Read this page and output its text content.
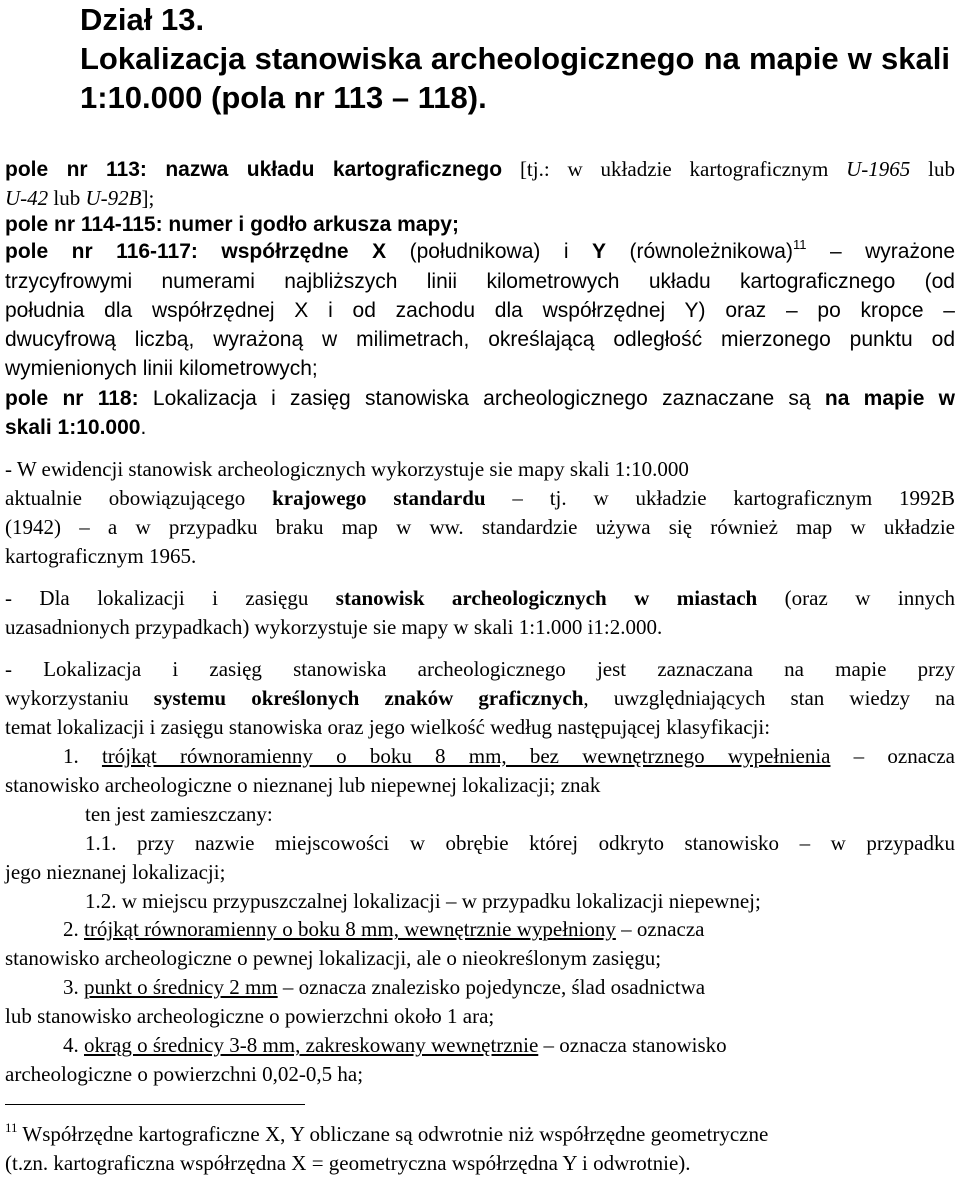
Dział 13.
Lokalizacja stanowiska archeologicznego na mapie w skali
1:10.000 (pola nr 113 – 118).
pole nr 113: nazwa układu kartograficznego [tj.: w układzie kartograficznym U-1965 lub
U-42 lub U-92B];
pole nr 114-115: numer i godło arkusza mapy;
pole nr 116-117: współrzędne X (południkowa) i Y (równoleżnikowa)$^{11}$ – wyrażone
trzycyfrowymi numerami najbliższych linii kilometrowych układu kartograficznego (od
południa dla współrzędnej X i od zachodu dla współrzędnej Y) oraz – po kropce –
dwucyfrową liczbą, wyrażoną w milimetrach, określającą odległość mierzonego punktu od
wymienionych linii kilometrowych;
pole nr 118: Lokalizacja i zasięg stanowiska archeologicznego zaznaczane są na mapie w
skali 1:10.000.
- W ewidencji stanowisk archeologicznych wykorzystuje sie mapy skali 1:10.000
aktualnie obowiązującego krajowego standardu – tj. w układzie kartograficznym 1992B
(1942) – a w przypadku braku map w ww. standardzie używa się również map w układzie
kartograficznym 1965.
- Dla lokalizacji i zasięgu stanowisk archeologicznych w miastach (oraz w innych
uzasadnionych przypadkach) wykorzystuje sie mapy w skali 1:1.000 i1:2.000.
- Lokalizacja i zasięg stanowiska archeologicznego jest zaznaczana na mapie przy
wykorzystaniu systemu określonych znaków graficznych, uwzględniających stan wiedzy na
temat lokalizacji i zasięgu stanowiska oraz jego wielkość według następującej klasyfikacji:
1. trójkąt równoramienny o boku 8 mm, bez wewnętrznego wypełnienia – oznacza
stanowisko archeologiczne o nieznanej lub niepewnej lokalizacji; znak
ten jest zamieszczany:
1.1. przy nazwie miejscowości w obrębie której odkryto stanowisko – w przypadku
jego nieznanej lokalizacji;
1.2. w miejscu przypuszczalnej lokalizacji – w przypadku lokalizacji niepewnej;
2. trójkąt równoramienny o boku 8 mm, wewnętrznie wypełniony – oznacza
stanowisko archeologiczne o pewnej lokalizacji, ale o nieokreślonym zasięgu;
3. punkt o średnicy 2 mm – oznacza znalezisko pojedyncze, ślad osadnictwa
lub stanowisko archeologiczne o powierzchni około 1 ara;
4. okrąg o średnicy 3-8 mm, zakreskowany wewnętrznie – oznacza stanowisko
archeologiczne o powierzchni 0,02-0,5 ha;
$^{11}$ Współrzędne kartograficzne X, Y obliczane są odwrotnie niż współrzędne geometryczne
(t.zn. kartograficzna współrzędna X = geometryczna współrzędna Y i odwrotnie).
